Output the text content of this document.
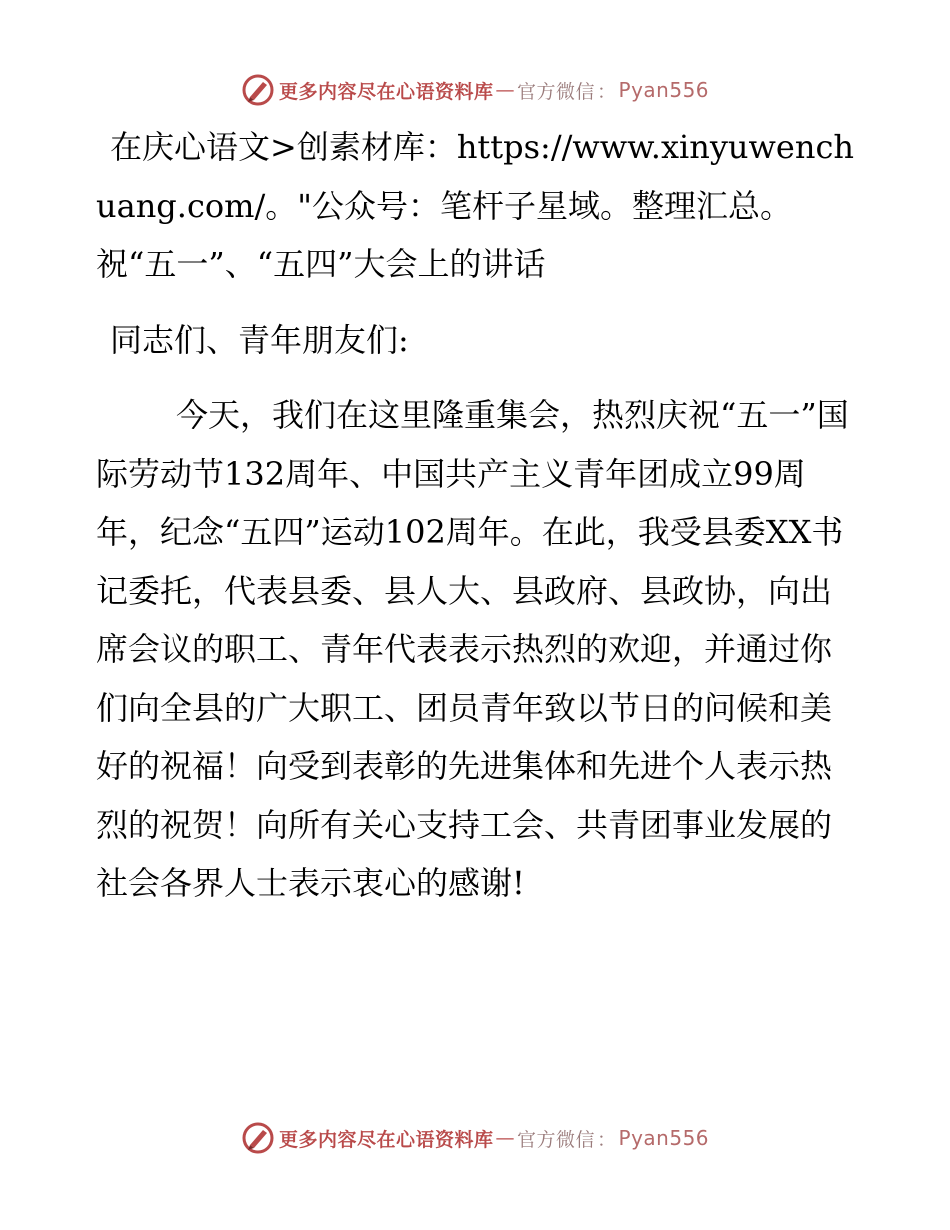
更多内容尽在心语资料库 — 官方微信 ： Pyan556

在庆心语文>创素材库：https://www.xinyuwenchuang.com/。"公众号：笔杆子星域。整理汇总。祝“五一”、“五四”大会上的讲话

同志们、青年朋友们:

今天，我们在这里隆重集会，热烈庆祝“五一”国际劳动节132周年、中国共产主义青年团成立99周年，纪念“五四”运动102周年。在此，我受县委XX书记委托，代表县委、县人大、县政府、县政协，向出席会议的职工、青年代表表示热烈的欢迎，并通过你们向全县的广大职工、团员青年致以节日的问候和美好的祝福！向受到表彰的先进集体和先进个人表示热烈的祝贺！向所有关心支持工会、共青团事业发展的社会各界人士表示衷心的感谢!

更多内容尽在心语资料库 — 官方微信 ： Pyan556
